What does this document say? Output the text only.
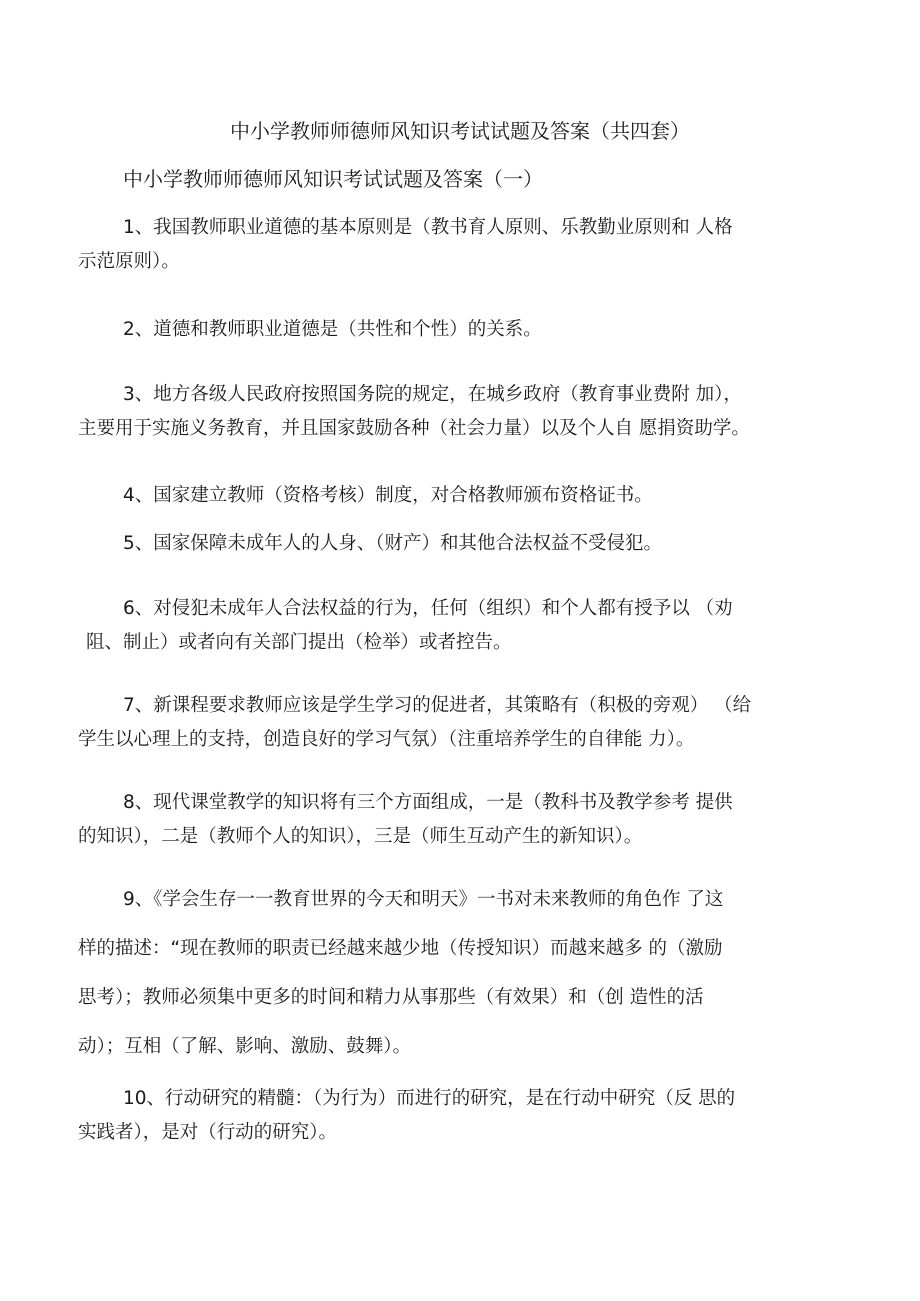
中小学教师师德师风知识考试试题及答案（共四套）
中小学教师师德师风知识考试试题及答案（一）

1、我国教师职业道德的基本原则是（教书育人原则、乐教勤业原则和 人格
示范原则）。

2、道德和教师职业道德是（共性和个性）的关系。

3、地方各级人民政府按照国务院的规定，在城乡政府（教育事业费附 加），
主要用于实施义务教育，并且国家鼓励各种（社会力量）以及个人自 愿捐资助学。

4、国家建立教师（资格考核）制度，对合格教师颁布资格证书。

5、国家保障未成年人的人身、（财产）和其他合法权益不受侵犯。

6、对侵犯未成年人合法权益的行为，任何（组织）和个人都有授予以 （劝
阻、制止）或者向有关部门提出（检举）或者控告。

7、新课程要求教师应该是学生学习的促进者，其策略有（积极的旁观） （给
学生以心理上的支持，创造良好的学习气氛）（注重培养学生的自律能 力）。

8、现代课堂教学的知识将有三个方面组成，一是（教科书及教学参考 提供
的知识），二是（教师个人的知识），三是（师生互动产生的新知识）。

9、《学会生存一一教育世界的今天和明天》一书对未来教师的角色作 了这
样的描述：“现在教师的职责已经越来越少地（传授知识）而越来越多 的（激励
思考）；教师必须集中更多的时间和精力从事那些（有效果）和（创 造性的活
动）；互相（了解、影响、激励、鼓舞）。

10、行动研究的精髓：（为行为）而进行的研究，是在行动中研究（反 思的
实践者），是对（行动的研究）。
